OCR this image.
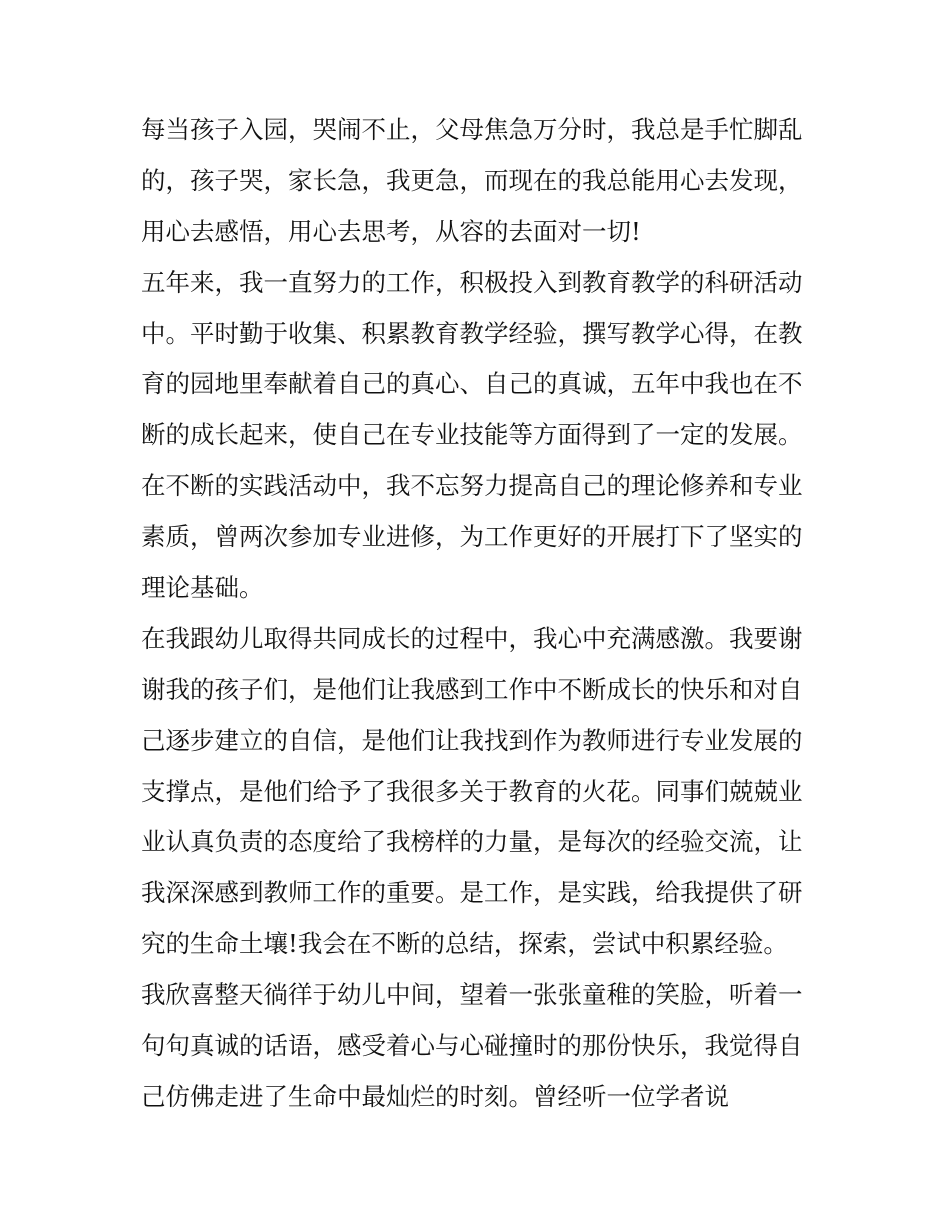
每当孩子入园，哭闹不止，父母焦急万分时，我总是手忙脚乱
的，孩子哭，家长急，我更急，而现在的我总能用心去发现，
用心去感悟，用心去思考，从容的去面对一切!
五年来，我一直努力的工作，积极投入到教育教学的科研活动
中。平时勤于收集、积累教育教学经验，撰写教学心得，在教
育的园地里奉献着自己的真心、自己的真诚，五年中我也在不
断的成长起来，使自己在专业技能等方面得到了一定的发展。
在不断的实践活动中，我不忘努力提高自己的理论修养和专业
素质，曾两次参加专业进修，为工作更好的开展打下了坚实的
理论基础。
在我跟幼儿取得共同成长的过程中，我心中充满感激。我要谢
谢我的孩子们，是他们让我感到工作中不断成长的快乐和对自
己逐步建立的自信，是他们让我找到作为教师进行专业发展的
支撑点，是他们给予了我很多关于教育的火花。同事们兢兢业
业认真负责的态度给了我榜样的力量，是每次的经验交流，让
我深深感到教师工作的重要。是工作，是实践，给我提供了研
究的生命土壤!我会在不断的总结，探索，尝试中积累经验。
我欣喜整天徜徉于幼儿中间，望着一张张童稚的笑脸，听着一
句句真诚的话语，感受着心与心碰撞时的那份快乐，我觉得自
己仿佛走进了生命中最灿烂的时刻。曾经听一位学者说
